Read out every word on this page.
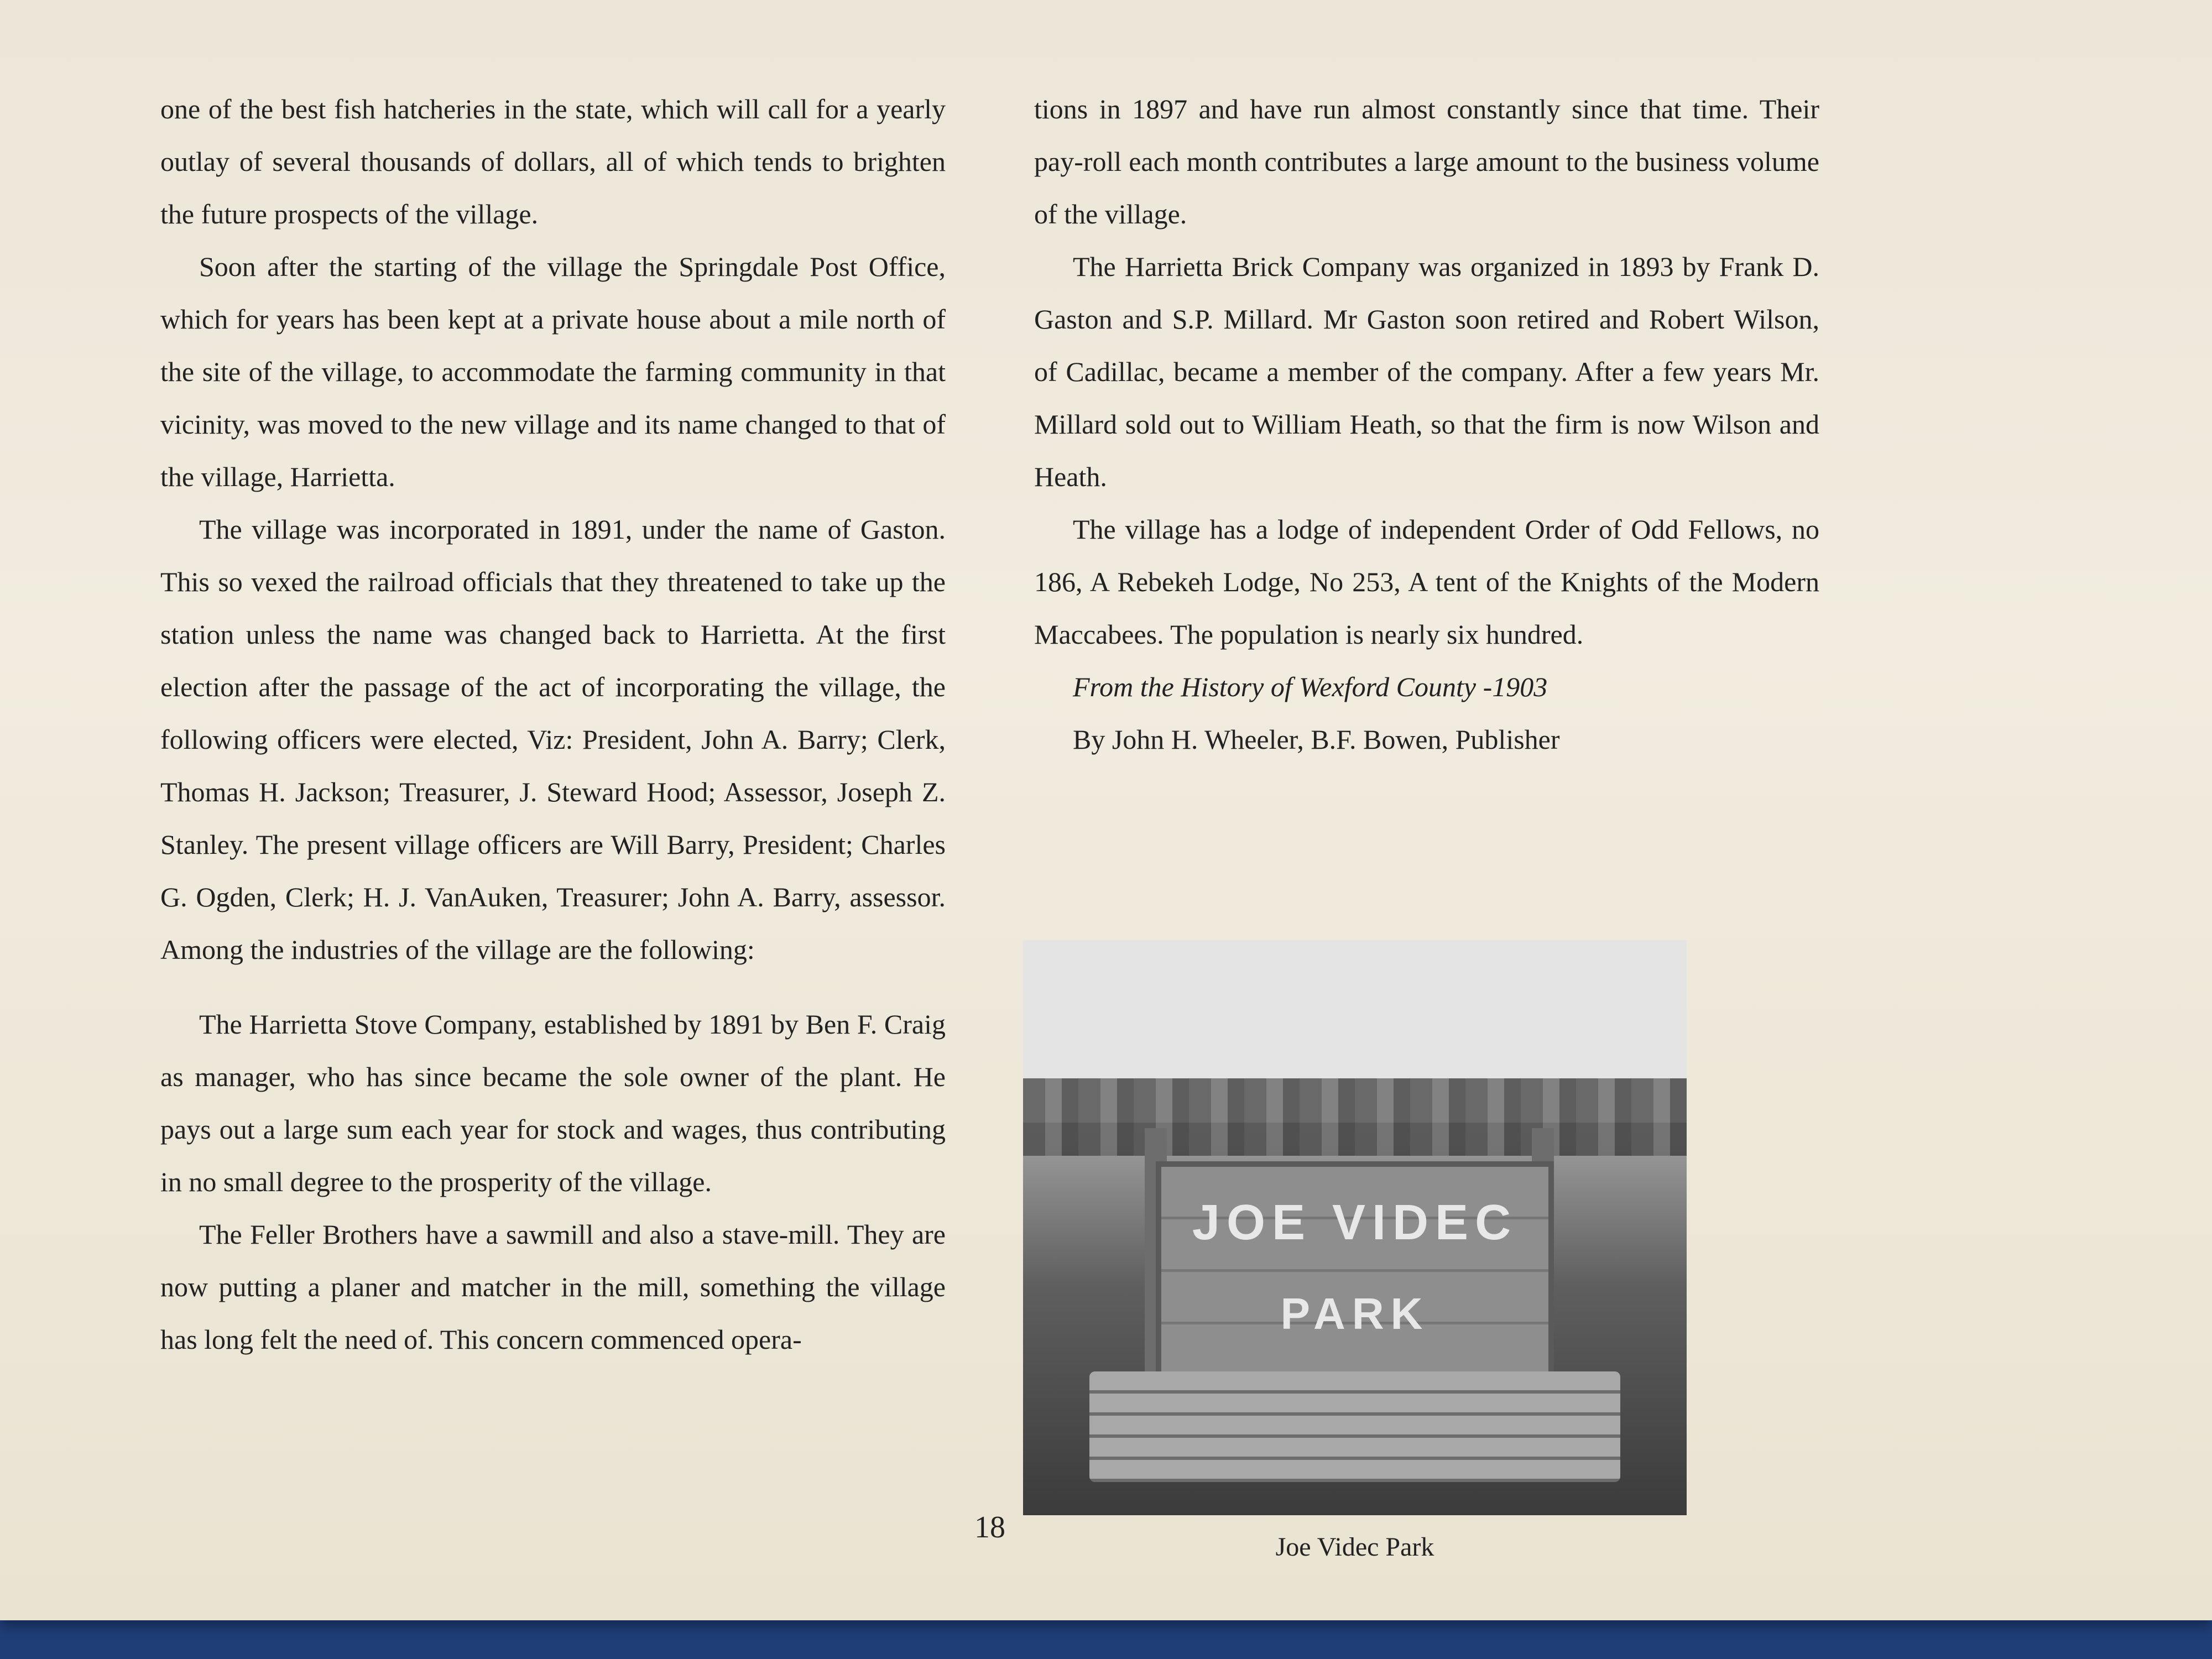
one of the best fish hatcheries in the state, which will call for a yearly outlay of several thousands of dollars, all of which tends to brighten the future prospects of the village.

Soon after the starting of the village the Springdale Post Office, which for years has been kept at a private house about a mile north of the site of the village, to accommodate the farming community in that vicinity, was moved to the new village and its name changed to that of the village, Harrietta.

The village was incorporated in 1891, under the name of Gaston. This so vexed the railroad officials that they threatened to take up the station unless the name was changed back to Harrietta. At the first election after the passage of the act of incorporating the village, the following officers were elected, Viz: President, John A. Barry; Clerk, Thomas H. Jackson; Treasurer, J. Steward Hood; Assessor, Joseph Z. Stanley. The present village officers are Will Barry, President; Charles G. Ogden, Clerk; H. J. VanAuken, Treasurer; John A. Barry, assessor. Among the industries of the village are the following:

The Harrietta Stove Company, established by 1891 by Ben F. Craig as manager, who has since became the sole owner of the plant. He pays out a large sum each year for stock and wages, thus contributing in no small degree to the prosperity of the village.

The Feller Brothers have a sawmill and also a stave-mill. They are now putting a planer and matcher in the mill, something the village has long felt the need of. This concern commenced opera-

tions in 1897 and have run almost constantly since that time. Their pay-roll each month contributes a large amount to the business volume of the village.

The Harrietta Brick Company was organized in 1893 by Frank D. Gaston and S.P. Millard. Mr Gaston soon retired and Robert Wilson, of Cadillac, became a member of the company. After a few years Mr. Millard sold out to William Heath, so that the firm is now Wilson and Heath.

The village has a lodge of independent Order of Odd Fellows, no 186, A Rebekeh Lodge, No 253, A tent of the Knights of the Modern Maccabees. The population is nearly six hundred.

From the History of Wexford County -1903

By John H. Wheeler, B.F. Bowen, Publisher

JOE VIDEC
PARK
Joe Videc Park
18
